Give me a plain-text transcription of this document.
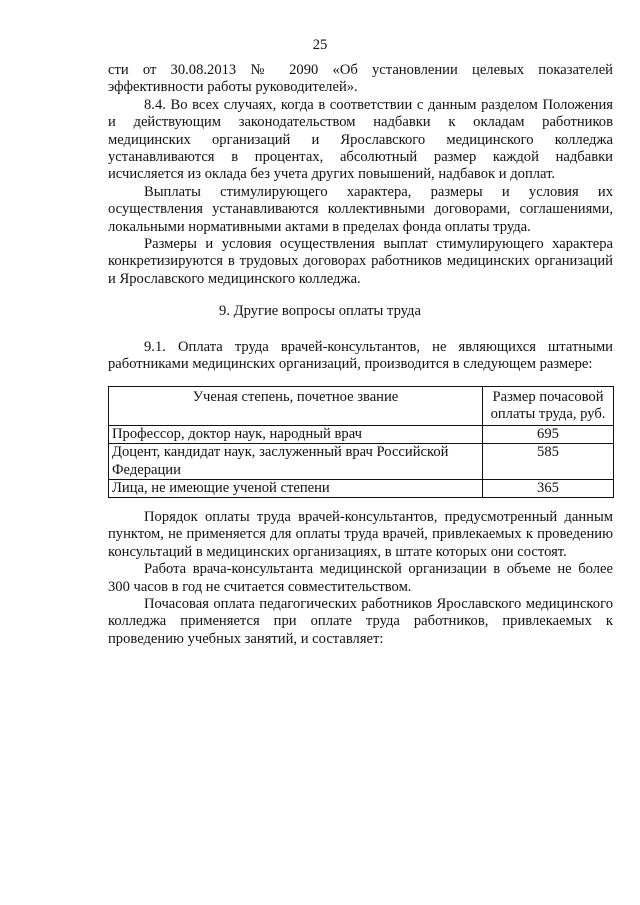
25

сти от 30.08.2013 № 2090 «Об установлении целевых показателей эффективности работы руководителей».

8.4. Во всех случаях, когда в соответствии с данным разделом Положения и действующим законодательством надбавки к окладам работников медицинских организаций и Ярославского медицинского колледжа устанавливаются в процентах, абсолютный размер каждой надбавки исчисляется из оклада без учета других повышений, надбавок и доплат.

Выплаты стимулирующего характера, размеры и условия их осуществления устанавливаются коллективными договорами, соглашениями, локальными нормативными актами в пределах фонда оплаты труда.

Размеры и условия осуществления выплат стимулирующего характера конкретизируются в трудовых договорах работников медицинских организаций и Ярославского медицинского колледжа.

9. Другие вопросы оплаты труда

9.1. Оплата труда врачей-консультантов, не являющихся штатными работниками медицинских организаций, производится в следующем размере:

Ученая степень, почетное звание	Размер почасовой оплаты труда, руб.
Профессор, доктор наук, народный врач	695
Доцент, кандидат наук, заслуженный врач Российской Федерации	585
Лица, не имеющие ученой степени	365

Порядок оплаты труда врачей-консультантов, предусмотренный данным пунктом, не применяется для оплаты труда врачей, привлекаемых к проведению консультаций в медицинских организациях, в штате которых они состоят.

Работа врача-консультанта медицинской организации в объеме не более 300 часов в год не считается совместительством.

Почасовая оплата педагогических работников Ярославского медицинского колледжа применяется при оплате труда работников, привлекаемых к проведению учебных занятий, и составляет:
